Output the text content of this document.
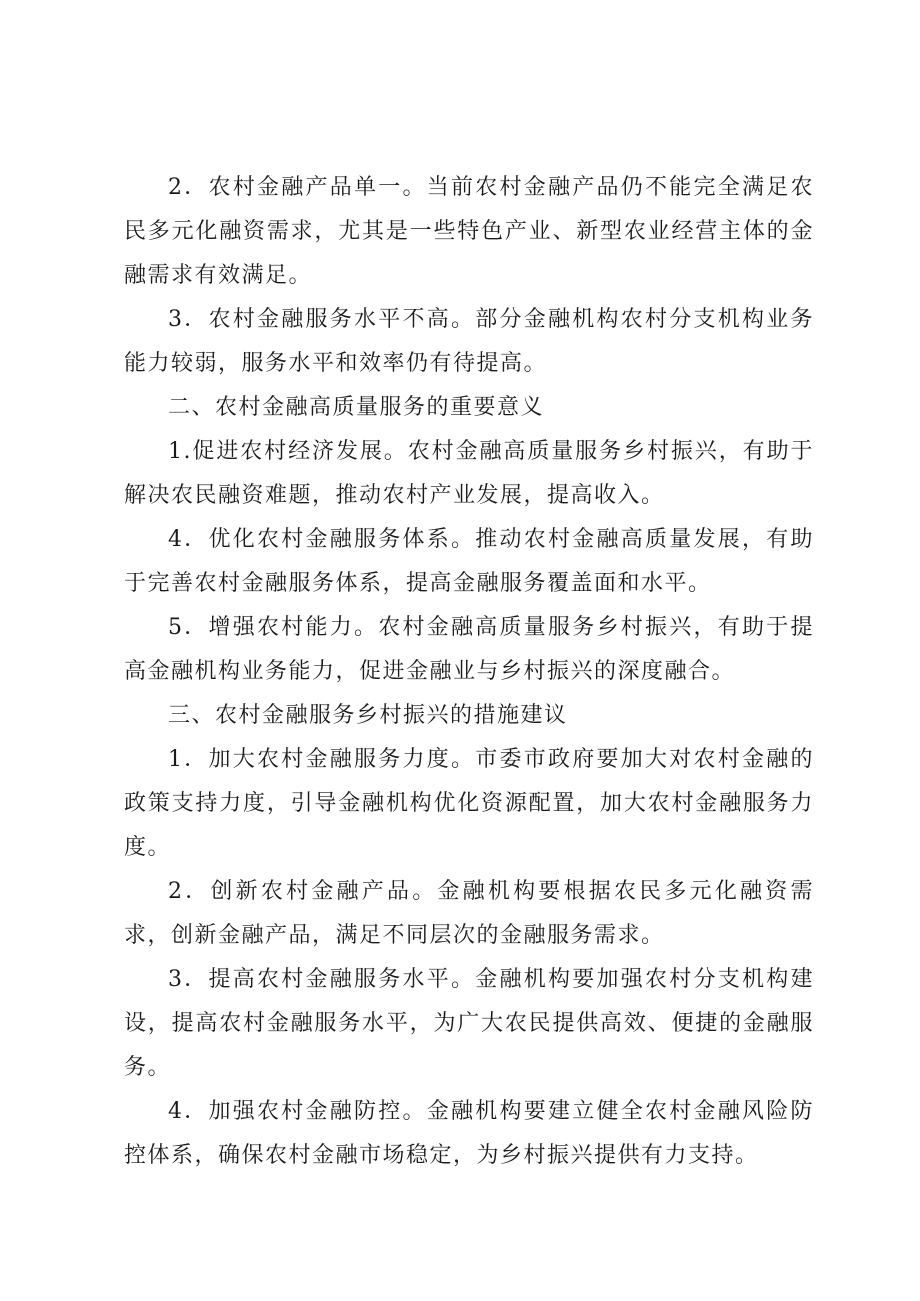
2．农村金融产品单一。当前农村金融产品仍不能完全满足农民多元化融资需求，尤其是一些特色产业、新型农业经营主体的金融需求有效满足。

3．农村金融服务水平不高。部分金融机构农村分支机构业务能力较弱，服务水平和效率仍有待提高。

二、农村金融高质量服务的重要意义

1.促进农村经济发展。农村金融高质量服务乡村振兴，有助于解决农民融资难题，推动农村产业发展，提高收入。

4．优化农村金融服务体系。推动农村金融高质量发展，有助于完善农村金融服务体系，提高金融服务覆盖面和水平。

5．增强农村能力。农村金融高质量服务乡村振兴，有助于提高金融机构业务能力，促进金融业与乡村振兴的深度融合。

三、农村金融服务乡村振兴的措施建议

1．加大农村金融服务力度。市委市政府要加大对农村金融的政策支持力度，引导金融机构优化资源配置，加大农村金融服务力度。

2．创新农村金融产品。金融机构要根据农民多元化融资需求，创新金融产品，满足不同层次的金融服务需求。

3．提高农村金融服务水平。金融机构要加强农村分支机构建设，提高农村金融服务水平，为广大农民提供高效、便捷的金融服务。

4．加强农村金融防控。金融机构要建立健全农村金融风险防控体系，确保农村金融市场稳定，为乡村振兴提供有力支持。
